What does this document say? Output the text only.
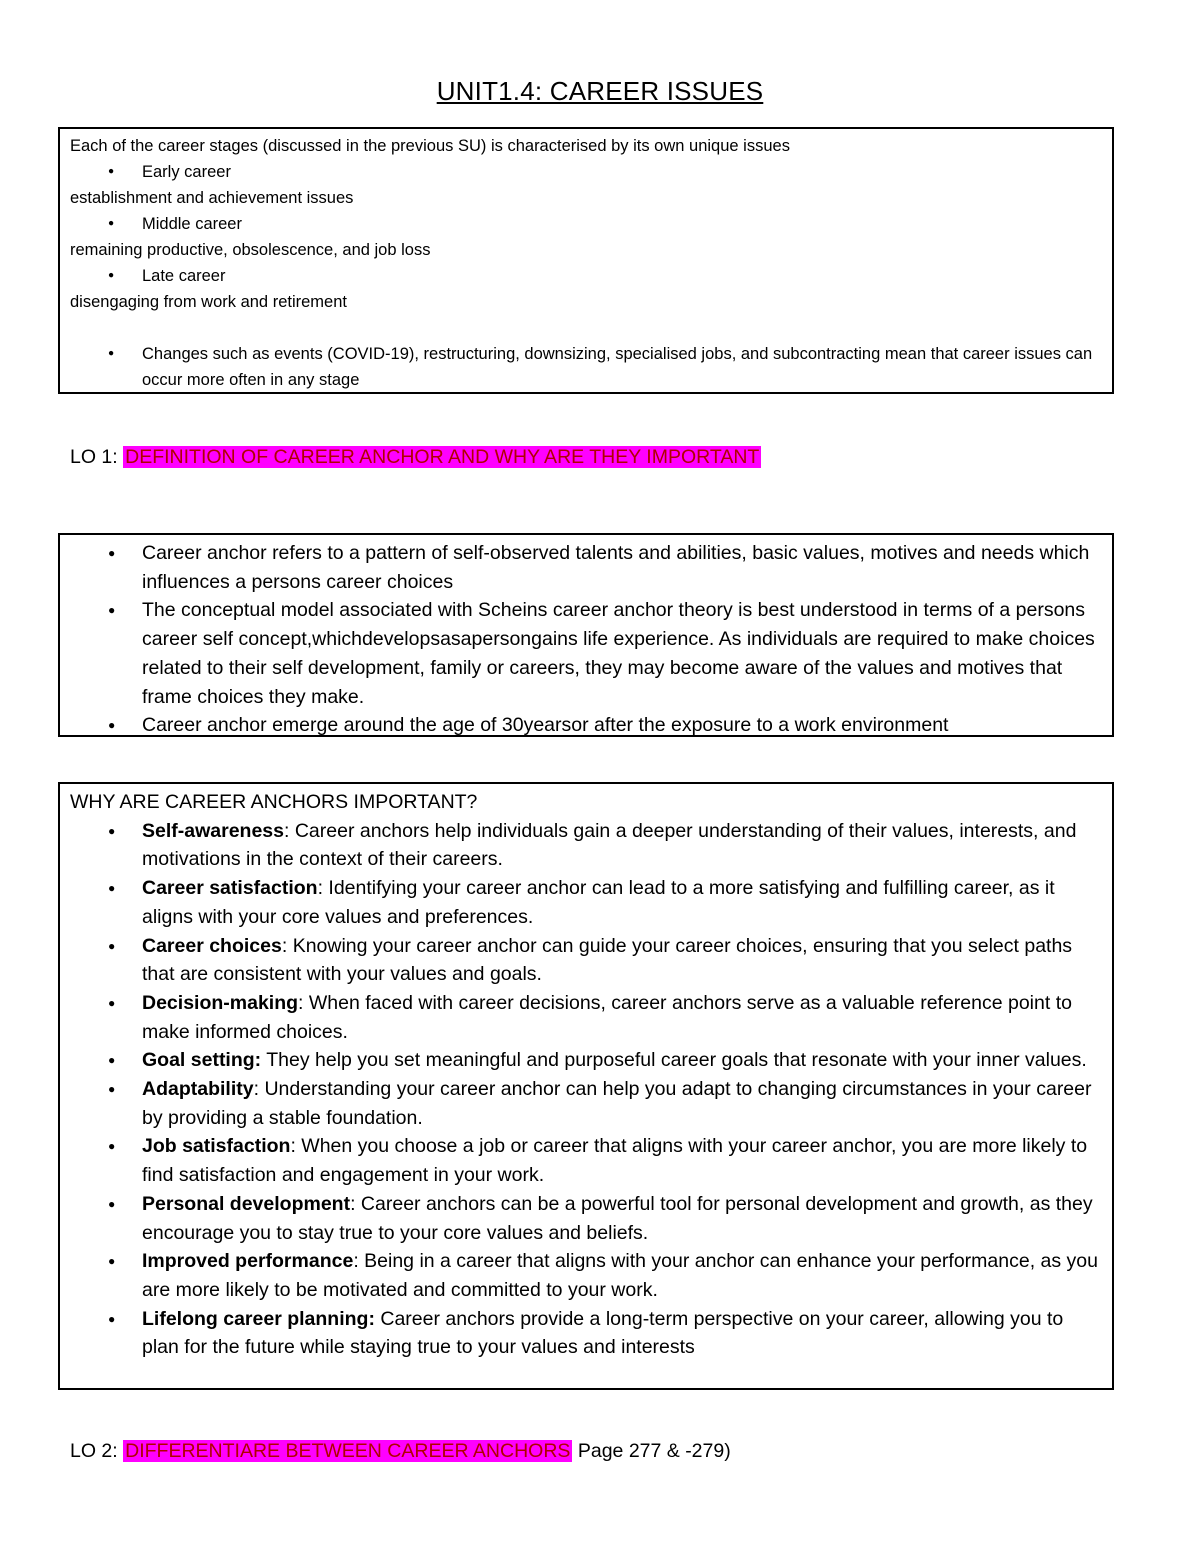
UNIT1.4: CAREER ISSUES

Each of the career stages (discussed in the previous SU) is characterised by its own unique issues

● Early career

establishment and achievement issues

● Middle career

remaining productive, obsolescence, and job loss

● Late career

disengaging from work and retirement

● Changes such as events (COVID-19), restructuring, downsizing, specialised jobs, and subcontracting mean that career issues can occur more often in any stage
LO 1: DEFINITION OF CAREER ANCHOR AND WHY ARE THEY IMPORTANT
● Career anchor refers to a pattern of self-observed talents and abilities, basic values, motives and needs which influences a persons career choices
● The conceptual model associated with Scheins career anchor theory is best understood in terms of a persons career self concept,whichdevelopsasapersongains life experience. As individuals are required to make choices related to their self development, family or careers, they may become aware of the values and motives that frame choices they make.
● Career anchor emerge around the age of 30yearsor after the exposure to a work environment

WHY ARE CAREER ANCHORS IMPORTANT?

● Self-awareness: Career anchors help individuals gain a deeper understanding of their values, interests, and motivations in the context of their careers.
● Career satisfaction: Identifying your career anchor can lead to a more satisfying and fulfilling career, as it aligns with your core values and preferences.
● Career choices: Knowing your career anchor can guide your career choices, ensuring that you select paths that are consistent with your values and goals.
● Decision-making: When faced with career decisions, career anchors serve as a valuable reference point to make informed choices.
● Goal setting: They help you set meaningful and purposeful career goals that resonate with your inner values.
● Adaptability: Understanding your career anchor can help you adapt to changing circumstances in your career by providing a stable foundation.
● Job satisfaction: When you choose a job or career that aligns with your career anchor, you are more likely to find satisfaction and engagement in your work.
● Personal development: Career anchors can be a powerful tool for personal development and growth, as they encourage you to stay true to your core values and beliefs.
● Improved performance: Being in a career that aligns with your anchor can enhance your performance, as you are more likely to be motivated and committed to your work.
● Lifelong career planning: Career anchors provide a long-term perspective on your career, allowing you to plan for the future while staying true to your values and interests
LO 2: DIFFERENTIARE BETWEEN CAREER ANCHORS Page 277 & -279)
